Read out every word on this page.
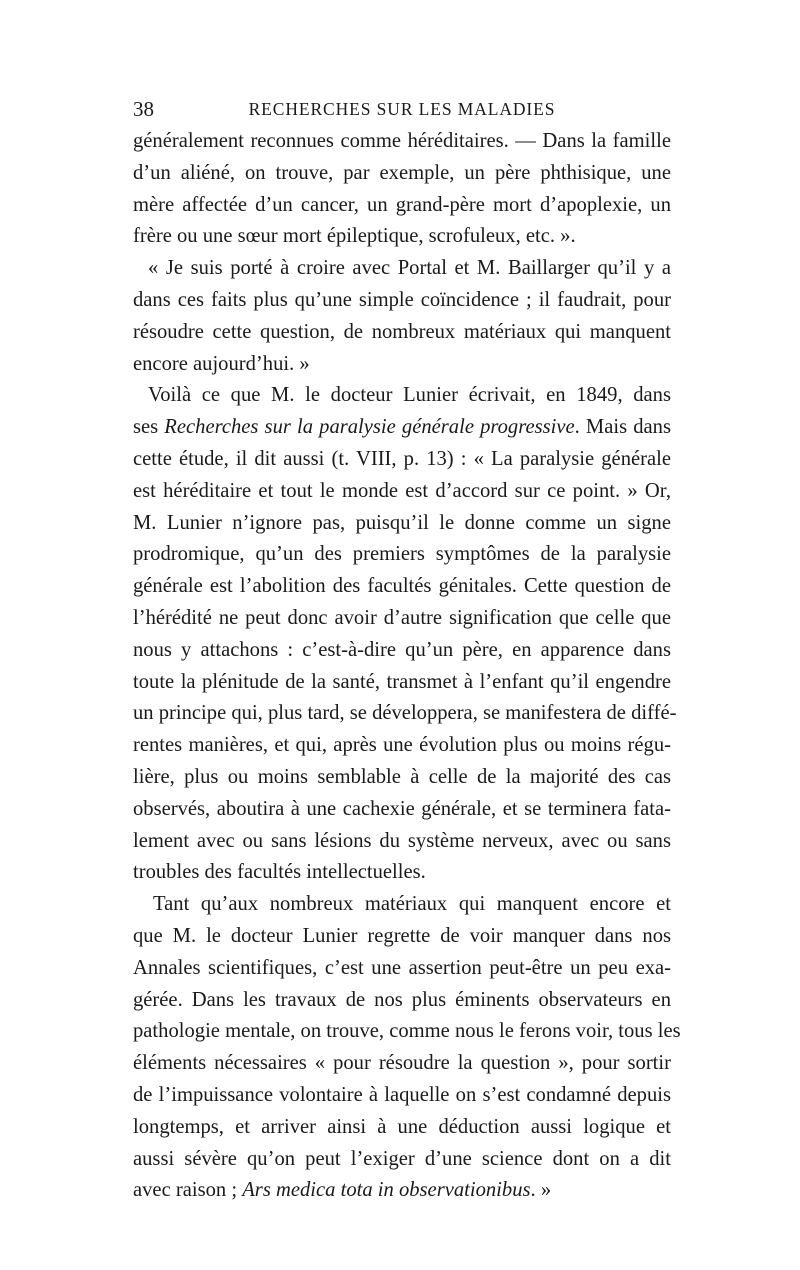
38	RECHERCHES SUR LES MALADIES
généralement reconnues comme héréditaires. — Dans la famille
d’un aliéné, on trouve, par exemple, un père phthisique, une
mère affectée d’un cancer, un grand-père mort d’apoplexie, un
frère ou une sœur mort épileptique, scrofuleux, etc. ».
« Je suis porté à croire avec Portal et M. Baillarger qu’il y a
dans ces faits plus qu’une simple coïncidence ; il faudrait, pour
résoudre cette question, de nombreux matériaux qui manquent
encore aujourd’hui. »
Voilà ce que M. le docteur Lunier écrivait, en 1849, dans
ses Recherches sur la paralysie générale progressive. Mais dans
cette étude, il dit aussi (t. VIII, p. 13) : « La paralysie générale
est héréditaire et tout le monde est d’accord sur ce point. » Or,
M. Lunier n’ignore pas, puisqu’il le donne comme un signe
prodromique, qu’un des premiers symptômes de la paralysie
générale est l’abolition des facultés génitales. Cette question de
l’hérédité ne peut donc avoir d’autre signification que celle que
nous y attachons : c’est-à-dire qu’un père, en apparence dans
toute la plénitude de la santé, transmet à l’enfant qu’il engendre
un principe qui, plus tard, se développera, se manifestera de diffé-
rentes manières, et qui, après une évolution plus ou moins régu-
lière, plus ou moins semblable à celle de la majorité des cas
observés, aboutira à une cachexie générale, et se terminera fata-
lement avec ou sans lésions du système nerveux, avec ou sans
troubles des facultés intellectuelles.
Tant qu’aux nombreux matériaux qui manquent encore et
que M. le docteur Lunier regrette de voir manquer dans nos
Annales scientifiques, c’est une assertion peut-être un peu exa-
gérée. Dans les travaux de nos plus éminents observateurs en
pathologie mentale, on trouve, comme nous le ferons voir, tous les
éléments nécessaires « pour résoudre la question », pour sortir
de l’impuissance volontaire à laquelle on s’est condamné depuis
longtemps, et arriver ainsi à une déduction aussi logique et
aussi sévère qu’on peut l’exiger d’une science dont on a dit
avec raison ; Ars medica tota in observationibus. »
